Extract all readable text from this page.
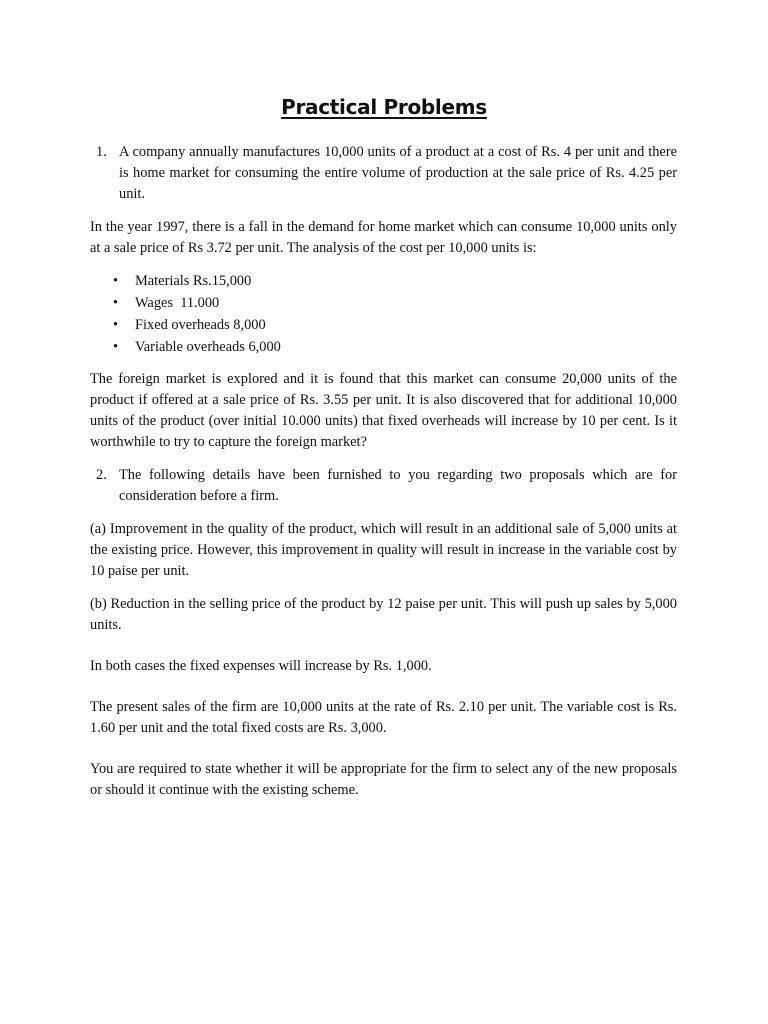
Practical Problems
1. A company annually manufactures 10,000 units of a product at a cost of Rs. 4 per unit and there is home market for consuming the entire volume of production at the sale price of Rs. 4.25 per unit.

In the year 1997, there is a fall in the demand for home market which can consume 10,000 units only at a sale price of Rs 3.72 per unit. The analysis of the cost per 10,000 units is:

• Materials Rs.15,000
• Wages  11.000
• Fixed overheads 8,000
• Variable overheads 6,000

The foreign market is explored and it is found that this market can consume 20,000 units of the product if offered at a sale price of Rs. 3.55 per unit. It is also discovered that for additional 10,000 units of the product (over initial 10.000 units) that fixed overheads will increase by 10 per cent. Is it worthwhile to try to capture the foreign market?

2. The following details have been furnished to you regarding two proposals which are for consideration before a firm.

(a) Improvement in the quality of the product, which will result in an additional sale of 5,000 units at the existing price. However, this improvement in quality will result in increase in the variable cost by 10 paise per unit.

(b) Reduction in the selling price of the product by 12 paise per unit. This will push up sales by 5,000 units.

In both cases the fixed expenses will increase by Rs. 1,000.

The present sales of the firm are 10,000 units at the rate of Rs. 2.10 per unit. The variable cost is Rs. 1.60 per unit and the total fixed costs are Rs. 3,000.

You are required to state whether it will be appropriate for the firm to select any of the new proposals or should it continue with the existing scheme.
